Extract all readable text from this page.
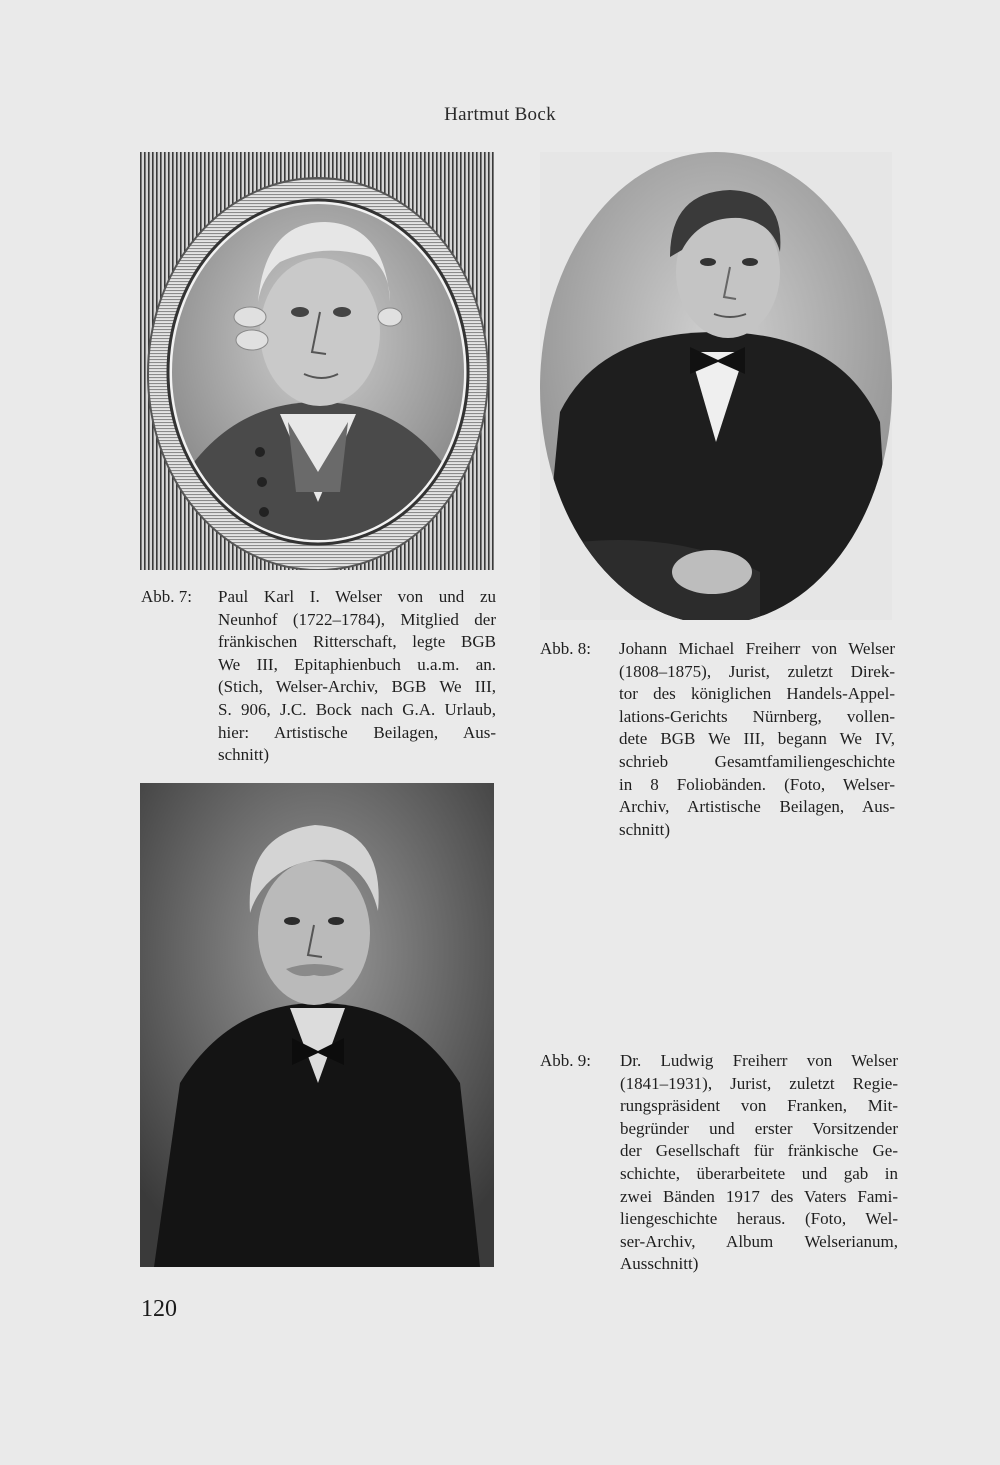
Hartmut Bock
Abb. 7: Paul Karl I. Welser von und zu
Neunhof (1722–1784), Mitglied der
fränkischen Ritterschaft, legte BGB
We III, Epitaphienbuch u.a.m. an.
(Stich, Welser-Archiv, BGB We III,
S. 906, J.C. Bock nach G.A. Urlaub,
hier: Artistische Beilagen, Aus-
schnitt)
Abb. 8: Johann Michael Freiherr von Welser
(1808–1875), Jurist, zuletzt Direk-
tor des königlichen Handels-Appel-
lations-Gerichts Nürnberg, vollen-
dete BGB We III, begann We IV,
schrieb Gesamtfamiliengeschichte
in 8 Foliobänden. (Foto, Welser-
Archiv, Artistische Beilagen, Aus-
schnitt)
Abb. 9: Dr. Ludwig Freiherr von Welser
(1841–1931), Jurist, zuletzt Regie-
rungspräsident von Franken, Mit-
begründer und erster Vorsitzender
der Gesellschaft für fränkische Ge-
schichte, überarbeitete und gab in
zwei Bänden 1917 des Vaters Fami-
liengeschichte heraus. (Foto, Wel-
ser-Archiv, Album Welserianum,
Ausschnitt)
120
